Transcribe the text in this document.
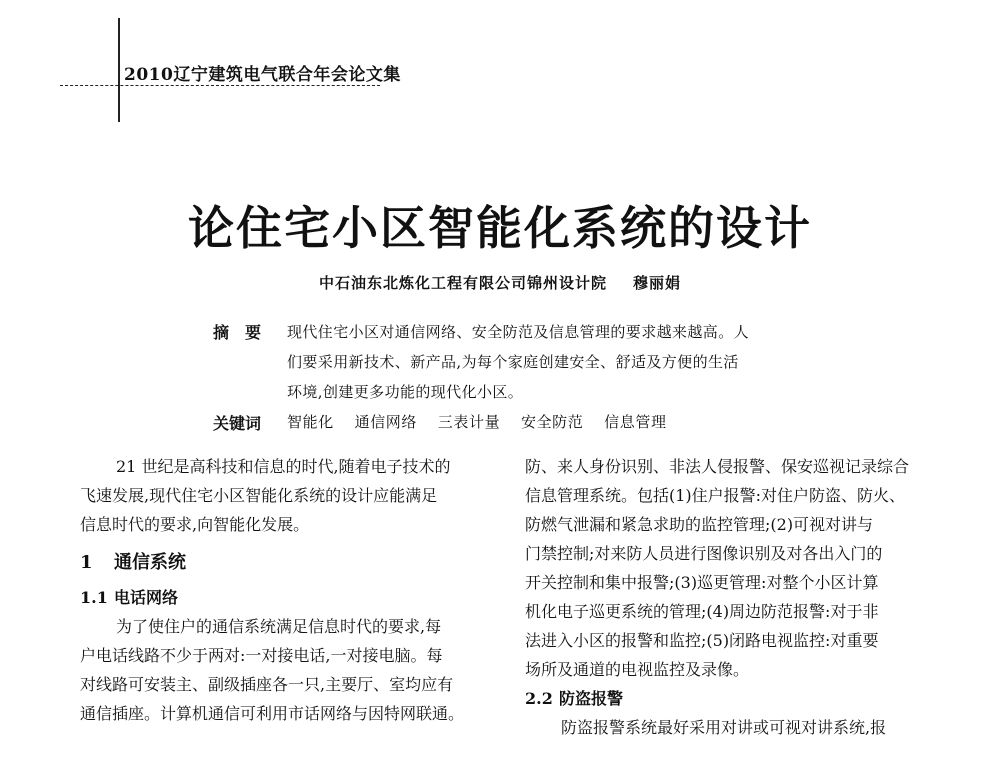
2010辽宁建筑电气联合年会论文集
论住宅小区智能化系统的设计
中石油东北炼化工程有限公司锦州设计院 穆丽娟
摘 要 现代住宅小区对通信网络、安全防范及信息管理的要求越来越高。人
们要采用新技术、新产品,为每个家庭创建安全、舒适及方便的生活
环境,创建更多功能的现代化小区。
关键词 智能化 通信网络 三表计量 安全防范 信息管理
21 世纪是高科技和信息的时代,随着电子技术的
飞速发展,现代住宅小区智能化系统的设计应能满足
信息时代的要求,向智能化发展。
1 通信系统
1.1 电话网络
为了使住户的通信系统满足信息时代的要求,每
户电话线路不少于两对:一对接电话,一对接电脑。每
对线路可安装主、副级插座各一只,主要厅、室均应有
通信插座。计算机通信可利用市话网络与因特网联通。
防、来人身份识别、非法人侵报警、保安巡视记录综合
信息管理系统。包括(1)住户报警:对住户防盗、防火、
防燃气泄漏和紧急求助的监控管理;(2)可视对讲与
门禁控制;对来防人员进行图像识别及对各出入门的
开关控制和集中报警;(3)巡更管理:对整个小区计算
机化电子巡更系统的管理;(4)周边防范报警:对于非
法进入小区的报警和监控;(5)闭路电视监控:对重要
场所及通道的电视监控及录像。
2.2 防盗报警
防盗报警系统最好采用对讲或可视对讲系统,报
